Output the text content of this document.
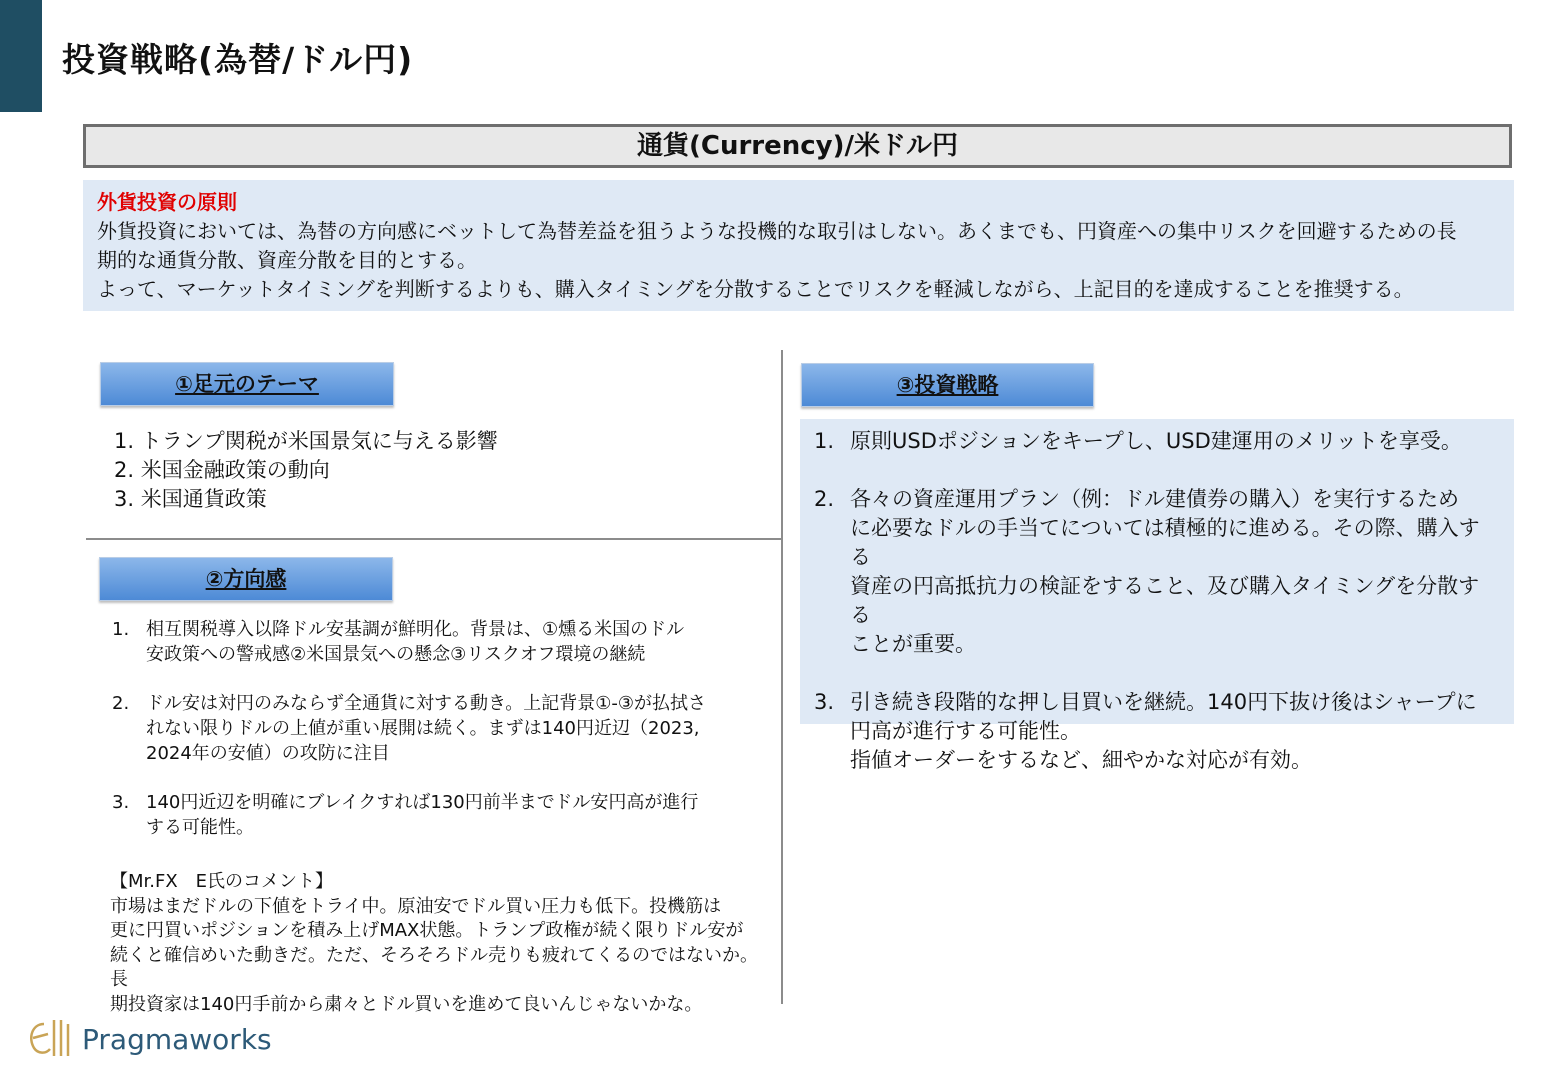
投資戦略(為替/ドル円)
通貨(Currency)/米ドル円
外貨投資の原則
外貨投資においては、為替の方向感にベットして為替差益を狙うような投機的な取引はしない。あくまでも、円資産への集中リスクを回避するための長
期的な通貨分散、資産分散を目的とする。
よって、マーケットタイミングを判断するよりも、購入タイミングを分散することでリスクを軽減しながら、上記目的を達成することを推奨する。
①足元のテーマ
1. トランプ関税が米国景気に与える影響
2. 米国金融政策の動向
3. 米国通貨政策
②方向感
1. 相互関税導入以降ドル安基調が鮮明化。背景は、①燻る米国のドル
安政策への警戒感②米国景気への懸念③リスクオフ環境の継続
2. ドル安は対円のみならず全通貨に対する動き。上記背景①-③が払拭さ
れない限りドルの上値が重い展開は続く。まずは140円近辺（2023,
2024年の安値）の攻防に注目
3. 140円近辺を明確にブレイクすれば130円前半までドル安円高が進行
する可能性。
【Mr.FX　E氏のコメント】
市場はまだドルの下値をトライ中。原油安でドル買い圧力も低下。投機筋は
更に円買いポジションを積み上げMAX状態。トランプ政権が続く限りドル安が
続くと確信めいた動きだ。ただ、そろそろドル売りも疲れてくるのではないか。長
期投資家は140円手前から粛々とドル買いを進めて良いんじゃないかな。
③投資戦略
1. 原則USDポジションをキープし、USD建運用のメリットを享受。
2. 各々の資産運用プラン（例：ドル建債券の購入）を実行するため
に必要なドルの手当てについては積極的に進める。その際、購入する
資産の円高抵抗力の検証をすること、及び購入タイミングを分散する
ことが重要。
3. 引き続き段階的な押し目買いを継続。140円下抜け後はシャープに
円高が進行する可能性。
指値オーダーをするなど、細やかな対応が有効。
Pragmaworks
